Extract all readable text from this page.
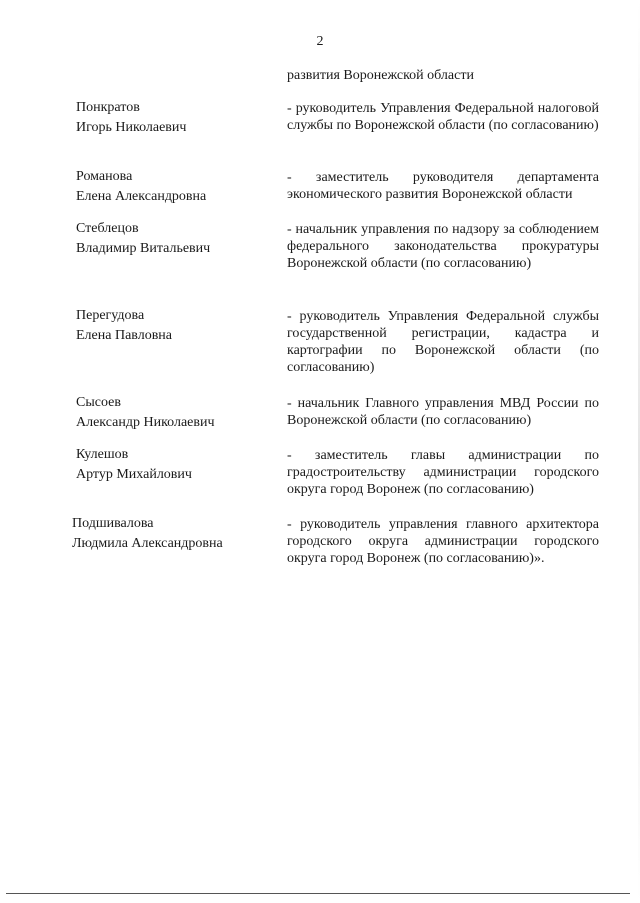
2
развития Воронежской области
Понкратов
Игорь Николаевич
- руководитель Управления Федеральной налоговой службы по Воронежской области (по согласованию)
Романова
Елена Александровна
- заместитель руководителя департамента экономического развития Воронежской области
Стеблецов
Владимир Витальевич
- начальник управления по надзору за соблюдением федерального законодательства прокуратуры Воронежской области (по согласованию)
Перегудова
Елена Павловна
- руководитель Управления Федеральной службы государственной регистрации, кадастра и картографии по Воронежской области (по согласованию)
Сысоев
Александр Николаевич
- начальник Главного управления МВД России по Воронежской области (по согласованию)
Кулешов
Артур Михайлович
- заместитель главы администрации по градостроительству администрации городского округа город Воронеж (по согласованию)
Подшивалова
Людмила Александровна
- руководитель управления главного архитектора городского округа администрации городского округа город Воронеж (по согласованию)».
